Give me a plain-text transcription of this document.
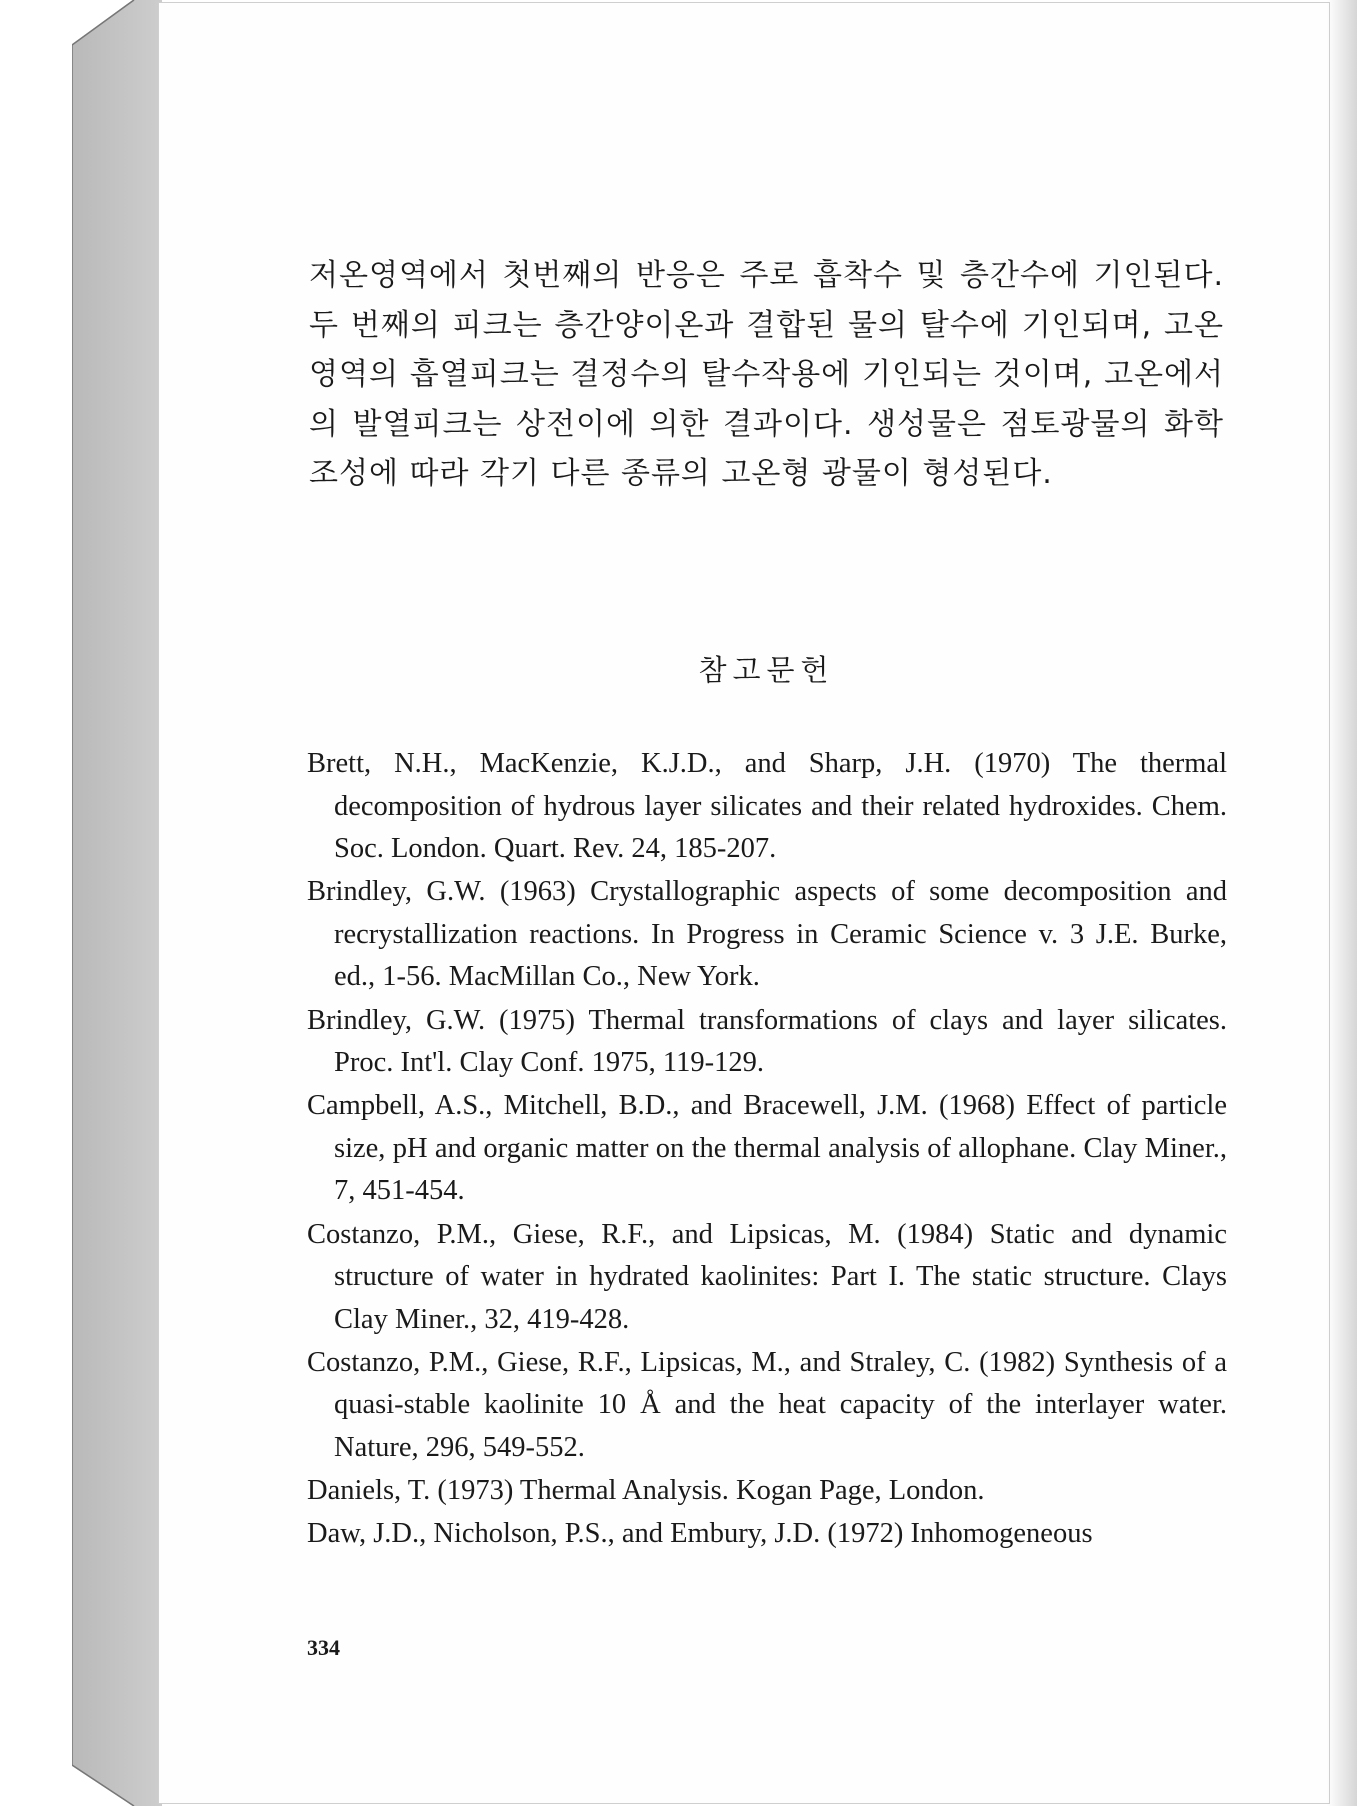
저온영역에서 첫번째의 반응은 주로 흡착수 및 층간수에 기인된다. 두 번째의 피크는 층간양이온과 결합된 물의 탈수에 기인되며, 고온영역의 흡열피크는 결정수의 탈수작용에 기인되는 것이며, 고온에서의 발열피크는 상전이에 의한 결과이다. 생성물은 점토광물의 화학조성에 따라 각기 다른 종류의 고온형 광물이 형성된다.

참고문헌
Brett, N.H., MacKenzie, K.J.D., and Sharp, J.H. (1970) The thermal decomposition of hydrous layer silicates and their related hydroxides. Chem. Soc. London. Quart. Rev. 24, 185-207.
Brindley, G.W. (1963) Crystallographic aspects of some decomposition and recrystallization reactions. In Progress in Ceramic Science v. 3 J.E. Burke, ed., 1-56. MacMillan Co., New York.
Brindley, G.W. (1975) Thermal transformations of clays and layer silicates. Proc. Int'l. Clay Conf. 1975, 119-129.
Campbell, A.S., Mitchell, B.D., and Bracewell, J.M. (1968) Effect of particle size, pH and organic matter on the thermal analysis of allophane. Clay Miner., 7, 451-454.
Costanzo, P.M., Giese, R.F., and Lipsicas, M. (1984) Static and dynamic structure of water in hydrated kaolinites: Part I. The static structure. Clays Clay Miner., 32, 419-428.
Costanzo, P.M., Giese, R.F., Lipsicas, M., and Straley, C. (1982) Synthesis of a quasi-stable kaolinite 10 Å and the heat capacity of the interlayer water. Nature, 296, 549-552.
Daniels, T. (1973) Thermal Analysis. Kogan Page, London.
Daw, J.D., Nicholson, P.S., and Embury, J.D. (1972) Inhomogeneous

334
